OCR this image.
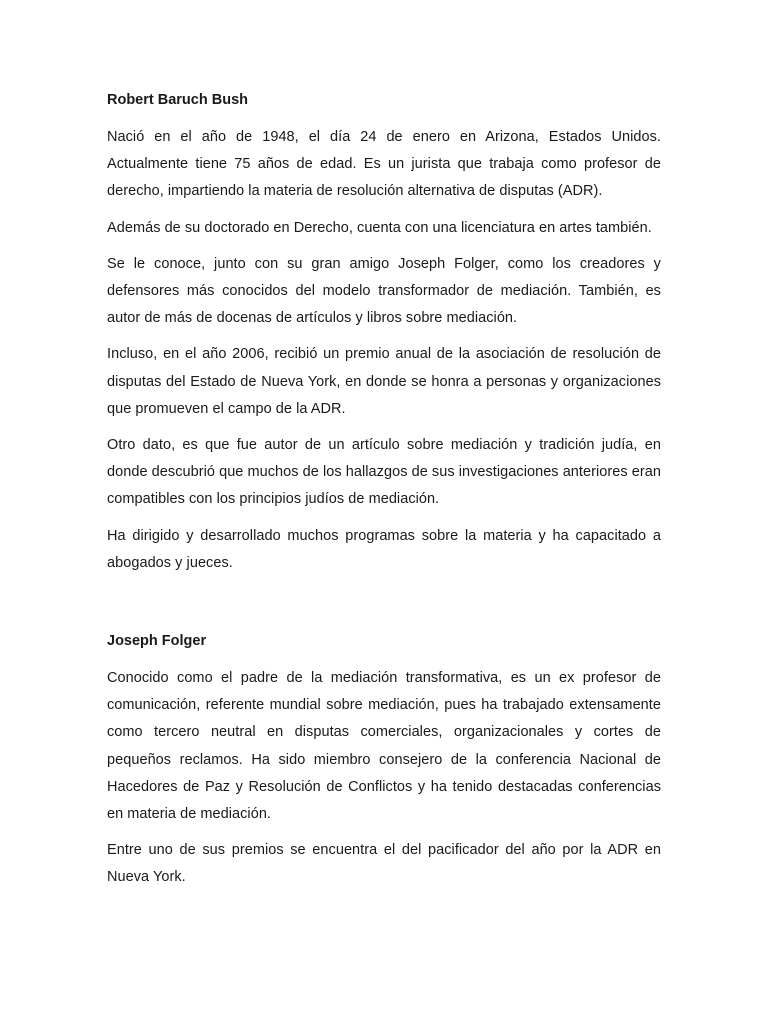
Robert Baruch Bush

Nació en el año de 1948, el día 24 de enero en Arizona, Estados Unidos. Actualmente tiene 75 años de edad. Es un jurista que trabaja como profesor de derecho, impartiendo la materia de resolución alternativa de disputas (ADR).

Además de su doctorado en Derecho, cuenta con una licenciatura en artes también.

Se le conoce, junto con su gran amigo Joseph Folger, como los creadores y defensores más conocidos del modelo transformador de mediación. También, es autor de más de docenas de artículos y libros sobre mediación.

Incluso, en el año 2006, recibió un premio anual de la asociación de resolución de disputas del Estado de Nueva York, en donde se honra a personas y organizaciones que promueven el campo de la ADR.

Otro dato, es que fue autor de un artículo sobre mediación y tradición judía, en donde descubrió que muchos de los hallazgos de sus investigaciones anteriores eran compatibles con los principios judíos de mediación.

Ha dirigido y desarrollado muchos programas sobre la materia y ha capacitado a abogados y jueces.

Joseph Folger

Conocido como el padre de la mediación transformativa, es un ex profesor de comunicación, referente mundial sobre mediación, pues ha trabajado extensamente como tercero neutral en disputas comerciales, organizacionales y cortes de pequeños reclamos. Ha sido miembro consejero de la conferencia Nacional de Hacedores de Paz y Resolución de Conflictos y ha tenido destacadas conferencias en materia de mediación.

Entre uno de sus premios se encuentra el del pacificador del año por la ADR en Nueva York.
